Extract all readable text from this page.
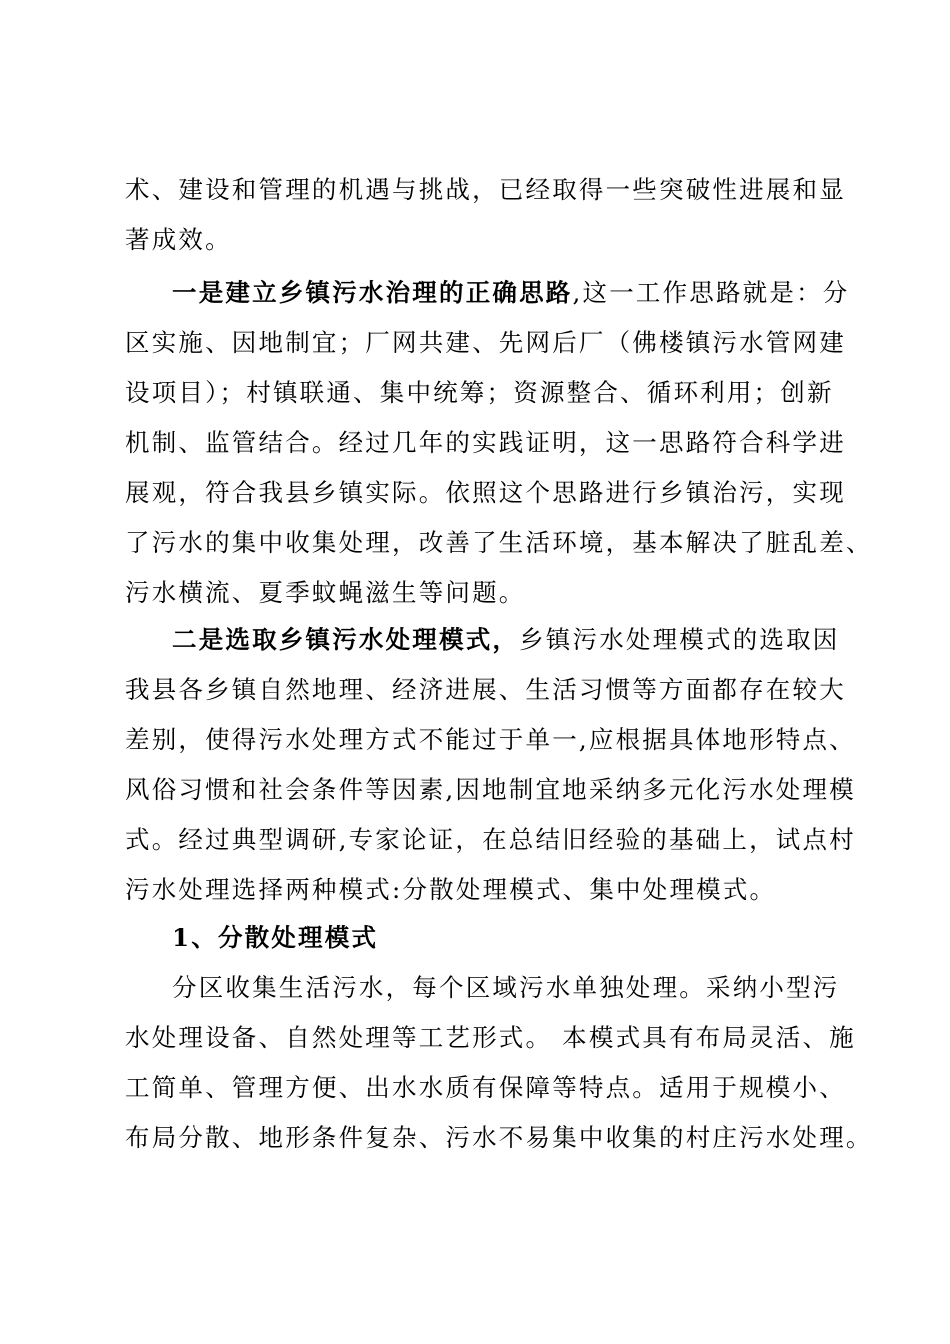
术、建设和管理的机遇与挑战，已经取得一些突破性进展和显
著成效。
一是建立乡镇污水治理的正确思路,这一工作思路就是：分
区实施、因地制宜；厂网共建、先网后厂（佛楼镇污水管网建
设项目）；村镇联通、集中统筹；资源整合、循环利用；创新
机制、监管结合。经过几年的实践证明，这一思路符合科学进
展观，符合我县乡镇实际。依照这个思路进行乡镇治污，实现
了污水的集中收集处理，改善了生活环境，基本解决了脏乱差、
污水横流、夏季蚊蝇滋生等问题。
二是选取乡镇污水处理模式，乡镇污水处理模式的选取因
我县各乡镇自然地理、经济进展、生活习惯等方面都存在较大
差别，使得污水处理方式不能过于单一,应根据具体地形特点、
风俗习惯和社会条件等因素,因地制宜地采纳多元化污水处理模
式。经过典型调研,专家论证，在总结旧经验的基础上，试点村
污水处理选择两种模式:分散处理模式、集中处理模式。
1、分散处理模式
分区收集生活污水，每个区域污水单独处理。采纳小型污
水处理设备、自然处理等工艺形式。 本模式具有布局灵活、施
工简单、管理方便、出水水质有保障等特点。适用于规模小、
布局分散、地形条件复杂、污水不易集中收集的村庄污水处理。
